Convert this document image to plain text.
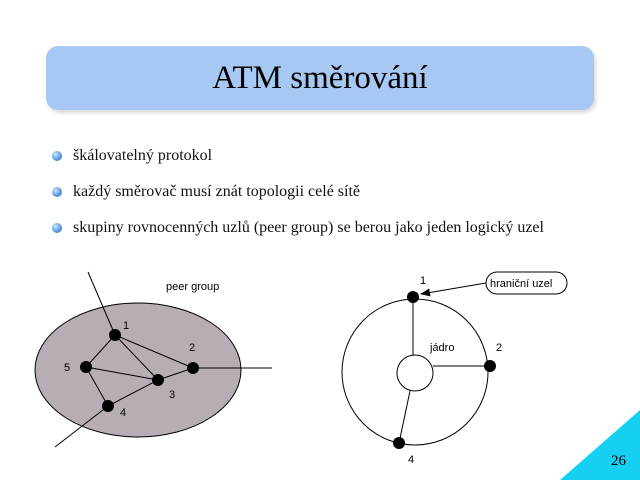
ATM směrování
škálovatelný protokol
každý směrovač musí znát topologii celé sítě
skupiny rovnocenných uzlů (peer group) se berou jako jeden logický uzel
peer group
1
2
3
4
5
jádro
1
2
4
hraniční uzel
26
